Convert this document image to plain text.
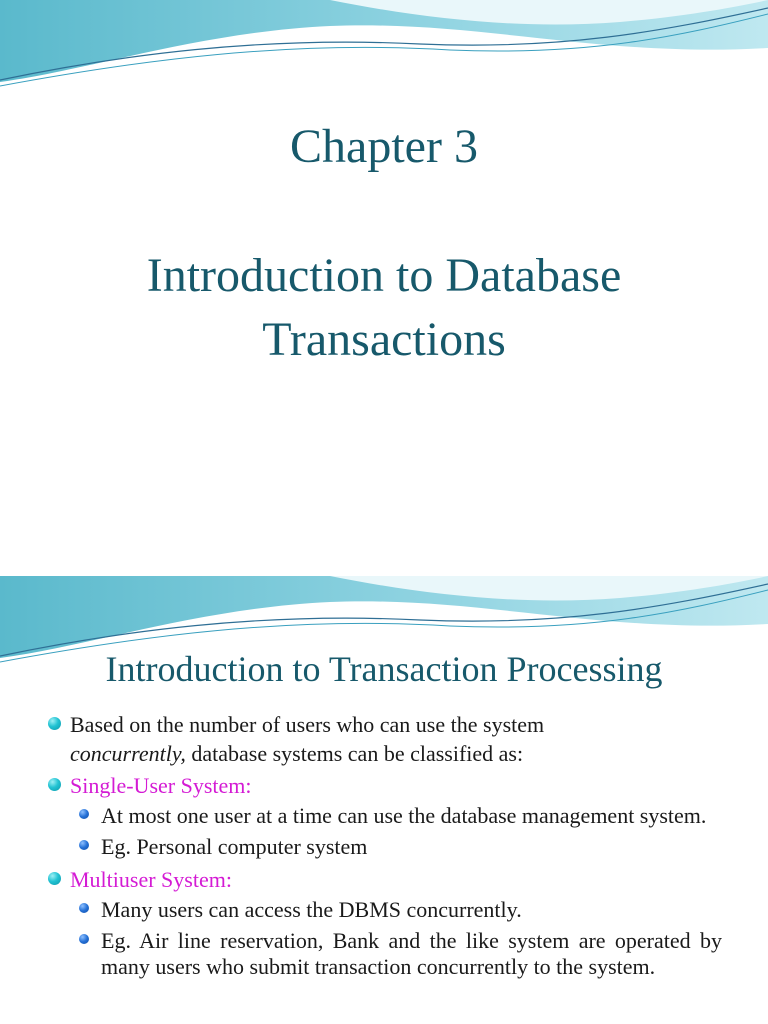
Chapter 3
Introduction to Database
Transactions
Introduction to Transaction Processing
Based on the number of users who can use the system
concurrently, database systems can be classified as:
Single-User System:
At most one user at a time can use the database management system.
Eg. Personal computer system
Multiuser System:
Many users can access the DBMS concurrently.
Eg. Air line reservation, Bank and the like system are operated by many users who submit transaction concurrently to the system.
